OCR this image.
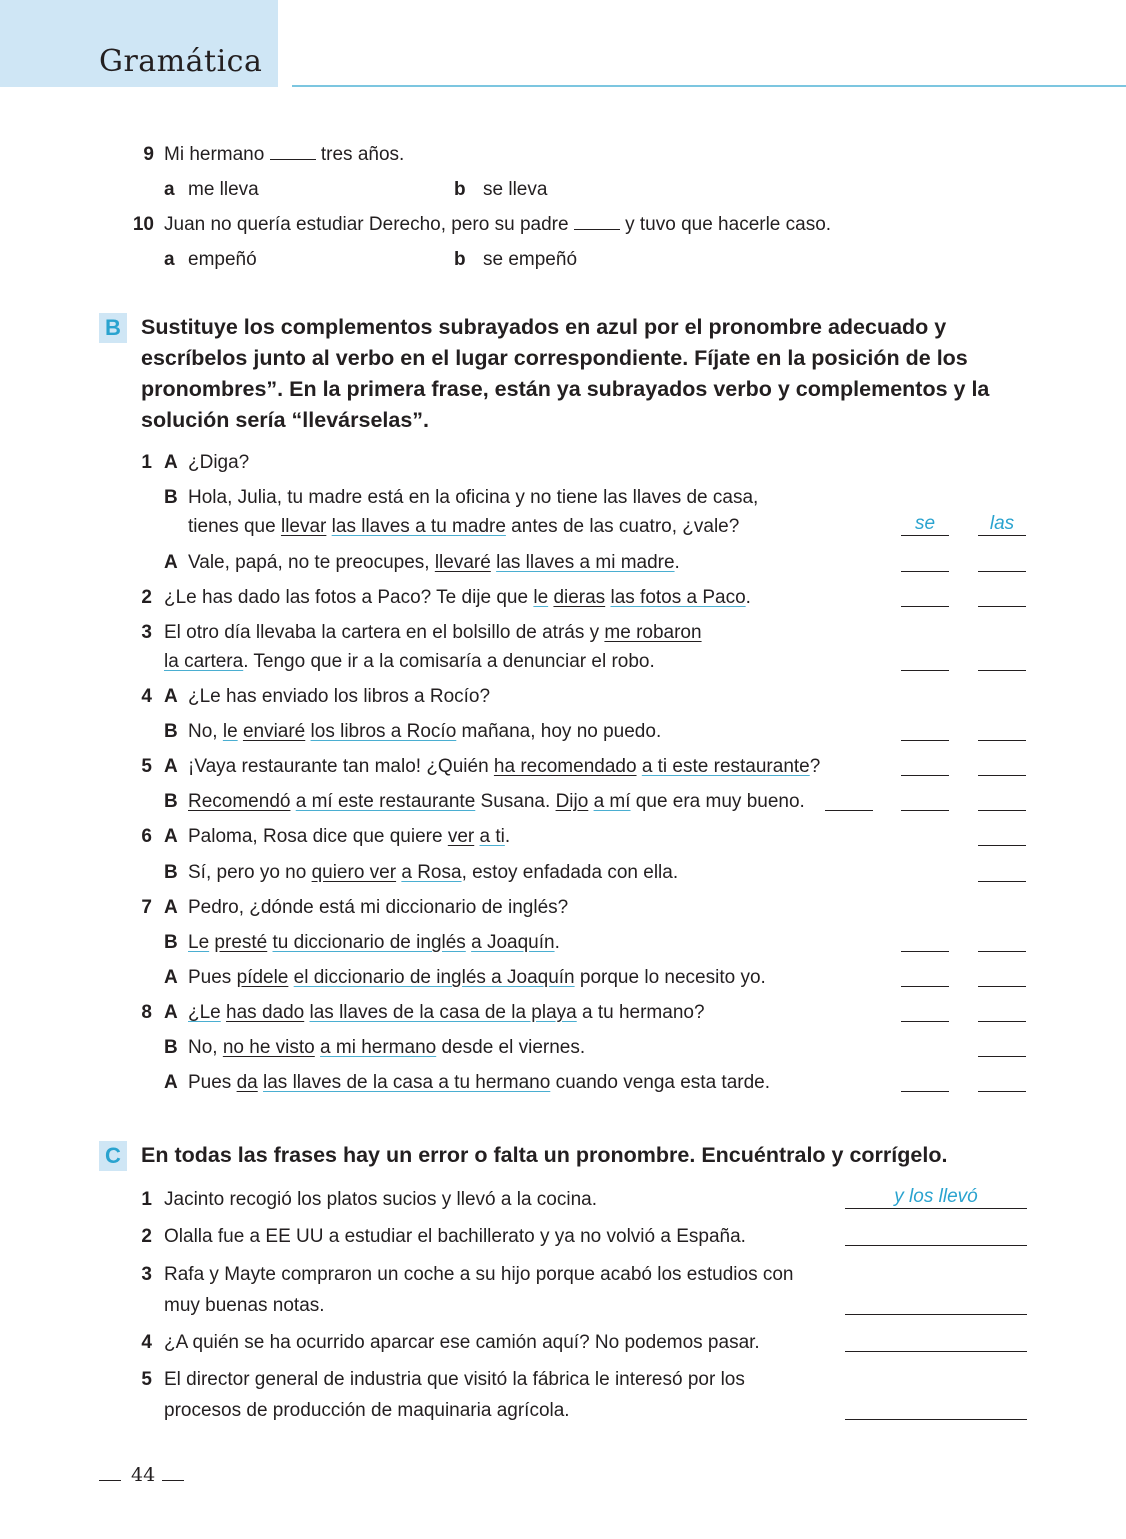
Gramática
9 Mi hermano  tres años.
a me lleva	b se lleva
10 Juan no quería estudiar Derecho, pero su padre  y tuvo que hacerle caso.
a empeñó	b se empeñó
B Sustituye los complementos subrayados en azul por el pronombre adecuado y escríbelos junto al verbo en el lugar correspondiente. Fíjate en la posición de los pronombres”. En la primera frase, están ya subrayados verbo y complementos y la solución sería “llevárselas”.
1 A ¿Diga?
B Hola, Julia, tu madre está en la oficina y no tiene las llaves de casa,
tienes que llevar las llaves a tu madre antes de las cuatro, ¿vale?	se	las
A Vale, papá, no te preocupes, llevaré las llaves a mi madre.
2 ¿Le has dado las fotos a Paco? Te dije que le dieras las fotos a Paco.
3 El otro día llevaba la cartera en el bolsillo de atrás y me robaron
la cartera. Tengo que ir a la comisaría a denunciar el robo.
4 A ¿Le has enviado los libros a Rocío?
B No, le enviaré los libros a Rocío mañana, hoy no puedo.
5 A ¡Vaya restaurante tan malo! ¿Quién ha recomendado a ti este restaurante?
B Recomendó a mí este restaurante Susana. Dijo a mí que era muy bueno.
6 A Paloma, Rosa dice que quiere ver a ti.
B Sí, pero yo no quiero ver a Rosa, estoy enfadada con ella.
7 A Pedro, ¿dónde está mi diccionario de inglés?
B Le presté tu diccionario de inglés a Joaquín.
A Pues pídele el diccionario de inglés a Joaquín porque lo necesito yo.
8 A ¿Le has dado las llaves de la casa de la playa a tu hermano?
B No, no he visto a mi hermano desde el viernes.
A Pues da las llaves de la casa a tu hermano cuando venga esta tarde.
C En todas las frases hay un error o falta un pronombre. Encuéntralo y corrígelo.
1 Jacinto recogió los platos sucios y llevó a la cocina.	y los llevó
2 Olalla fue a EE UU a estudiar el bachillerato y ya no volvió a España.
3 Rafa y Mayte compraron un coche a su hijo porque acabó los estudios con
muy buenas notas.
4 ¿A quién se ha ocurrido aparcar ese camión aquí? No podemos pasar.
5 El director general de industria que visitó la fábrica le interesó por los
procesos de producción de maquinaria agrícola.
44
